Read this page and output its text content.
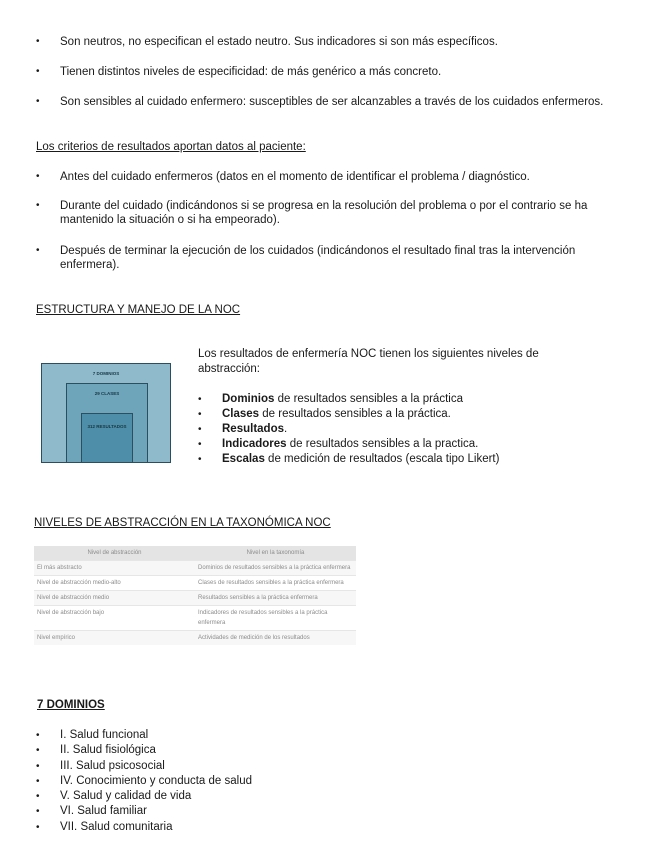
• Son neutros, no especifican el estado neutro. Sus indicadores si son más específicos.
• Tienen distintos niveles de especificidad: de más genérico a más concreto.
• Son sensibles al cuidado enfermero: susceptibles de ser alcanzables a través de los cuidados enfermeros.
Los criterios de resultados aportan datos al paciente:
• Antes del cuidado enfermeros (datos en el momento de identificar el problema / diagnóstico.
• Durante del cuidado (indicándonos si se progresa en la resolución del problema o por el contrario se ha mantenido la situación o si ha empeorado).
• Después de terminar la ejecución de los cuidados (indicándonos el resultado final tras la intervención enfermera).
ESTRUCTURA Y MANEJO DE LA NOC
7 DOMINIOS
29 CLASES
312 RESULTADOS
Los resultados de enfermería NOC tienen los siguientes niveles de abstracción:
• Dominios de resultados sensibles a la práctica
• Clases de resultados sensibles a la práctica.
• Resultados.
• Indicadores de resultados sensibles a la practica.
• Escalas de medición de resultados (escala tipo Likert)
NIVELES DE ABSTRACCIÓN EN LA TAXONÓMICA NOC
Nivel de abstracción	Nivel en la taxonomía
El más abstracto	Dominios de resultados sensibles a la práctica enfermera
Nivel de abstracción medio-alto	Clases de resultados sensibles a la práctica enfermera
Nivel de abstracción medio	Resultados sensibles a la práctica enfermera
Nivel de abstracción bajo	Indicadores de resultados sensibles a la práctica enfermera
Nivel empírico	Actividades de medición de los resultados
7 DOMINIOS
• I. Salud funcional
• II. Salud fisiológica
• III. Salud psicosocial
• IV. Conocimiento y conducta de salud
• V. Salud y calidad de vida
• VI. Salud familiar
• VII. Salud comunitaria
